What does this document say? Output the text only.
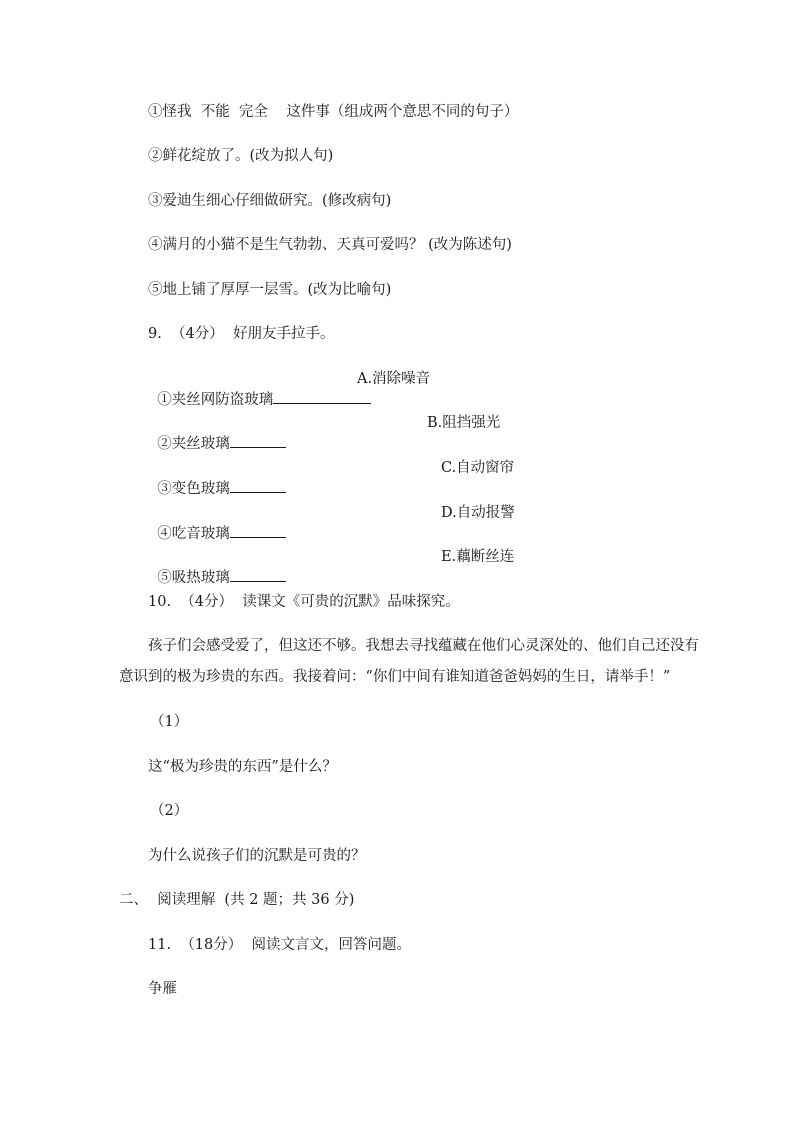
①怪我  不能  完全    这件事（组成两个意思不同的句子）
②鲜花绽放了。(改为拟人句)
③爱迪生细心仔细做研究。(修改病句)
④满月的小猫不是生气勃勃、天真可爱吗？ (改为陈述句)
⑤地上铺了厚厚一层雪。(改为比喻句)
9.  （4分）  好朋友手拉手。

①夹丝网防盗玻璃

A.消除噪音

②夹丝玻璃

B.阻挡强光

③变色玻璃

C.自动窗帘

④吃音玻璃

D.自动报警

⑤吸热玻璃

E.藕断丝连
10.  （4分）  读课文《可贵的沉默》品味探究。
孩子们会感受爱了，但这还不够。我想去寻找蕴藏在他们心灵深处的、他们自己还没有
意识到的极为珍贵的东西。我接着问：“你们中间有谁知道爸爸妈妈的生日，请举手！”
（1）
这“极为珍贵的东西”是什么？
（2）
为什么说孩子们的沉默是可贵的？
二、  阅读理解  (共 2 题；共 36 分)
11.  （18分）  阅读文言文，回答问题。
争雁
